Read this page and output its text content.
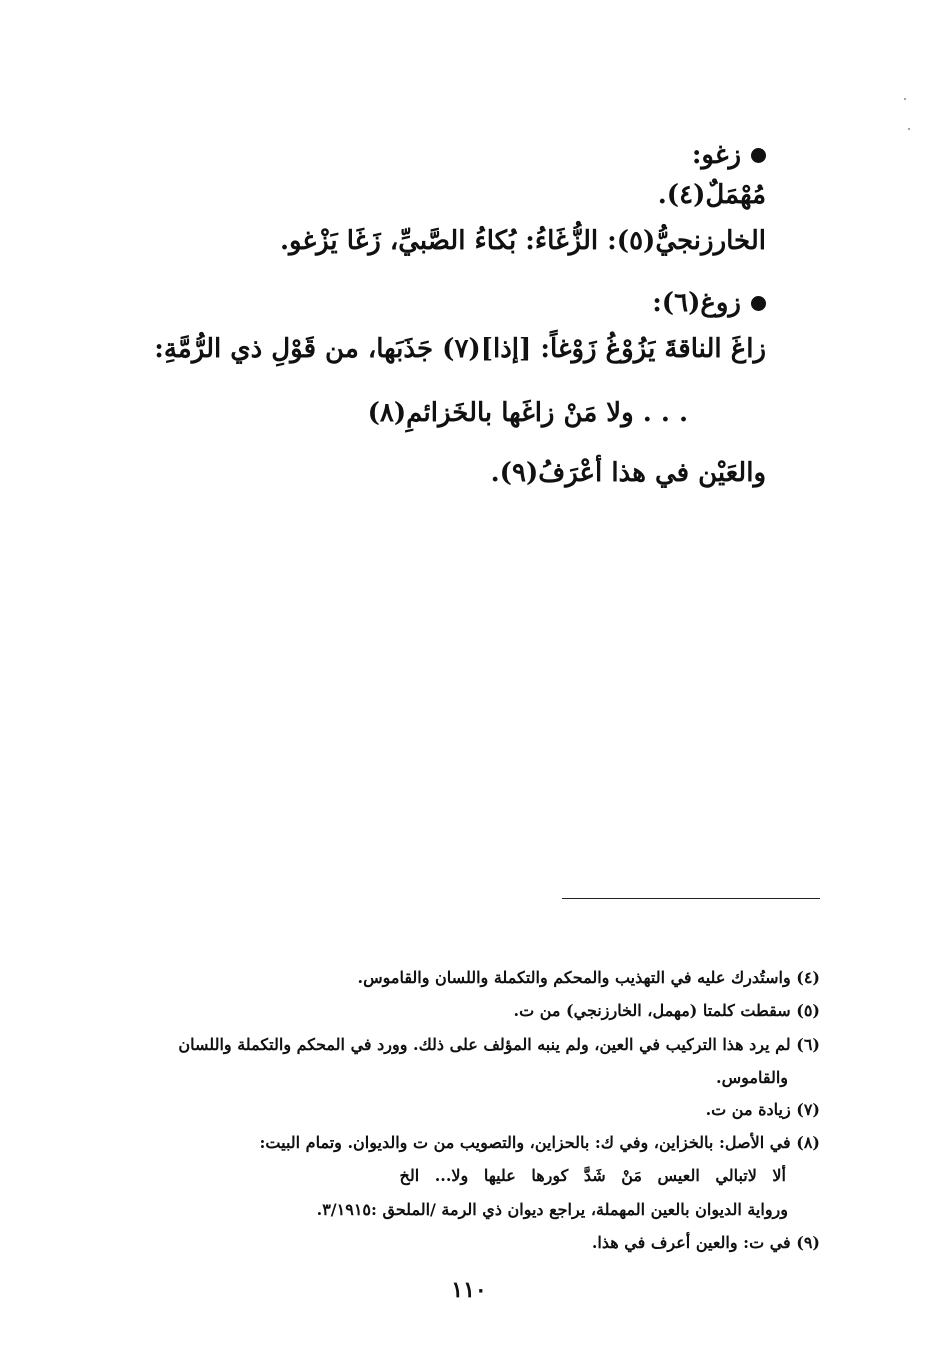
زغو:
مُهْمَلٌ(٤).
الخارزنجيُّ(٥): الزُّغَاءُ: بُكاءُ الصَّبيِّ، زَغَا يَزْغو.
زوغ(٦):
زاغَ الناقةَ يَزُوْغُ زَوْغاً: [إذا](٧) جَذَبَها، من قَوْلِ ذي الرُّمَّةِ:
. . . ولا مَنْ زاغَها بالخَزائمِ(٨)
والعَيْن في هذا أعْرَفُ(٩).
(٤) واستُدرك عليه في التهذيب والمحكم والتكملة واللسان والقاموس.
(٥) سقطت كلمتا (مهمل، الخارزنجي) من ت.
(٦) لم يرد هذا التركيب في العين، ولم ينبه المؤلف على ذلك. وورد في المحكم والتكملة واللسان
والقاموس.
(٧) زيادة من ت.
(٨) في الأصل: بالخزاين، وفي ك: بالحزاين، والتصويب من ت والديوان. وتمام البيت:
ألا لاتبالي العيس مَنْ شَدَّ كورها عليها ولا... الخ
ورواية الديوان بالعين المهملة، يراجع ديوان ذي الرمة /الملحق :٣/١٩١٥.
(٩) في ت: والعين أعرف في هذا.
١١٠
